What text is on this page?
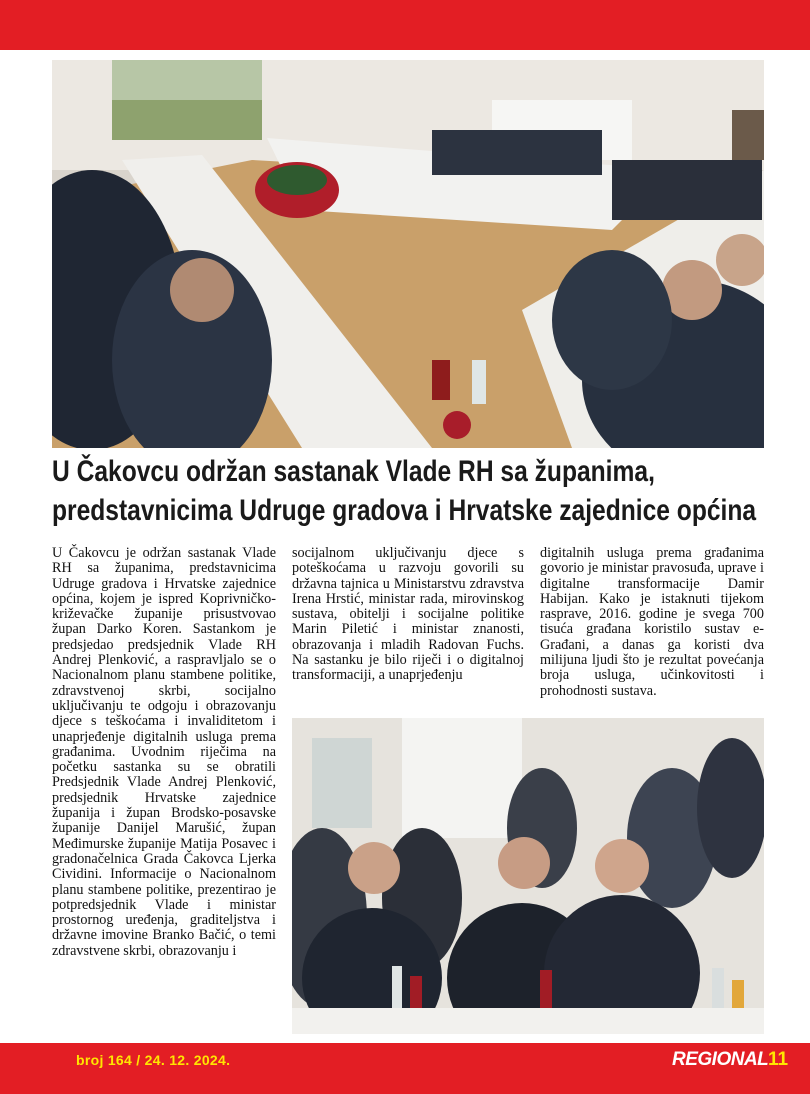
U Čakovcu održan sastanak Vlade RH sa županima,
predstavnicima Udruge gradova i Hrvatske zajednice općina

U Čakovcu je održan sastanak Vlade RH sa županima, predstavnicima Udruge gradova i Hrvatske zajednice općina, kojem je ispred Koprivničko-križevačke županije prisustvovao župan Darko Koren. Sastankom je predsjedao predsjednik Vlade RH Andrej Plenković, a raspravljalo se o Nacionalnom planu stambene politike, zdravstvenoj skrbi, socijalno uključivanju te odgoju i obrazovanju djece s teškoćama i invaliditetom i unaprjeđenje digitalnih usluga prema građanima. Uvodnim riječima na početku sastanka su se obratili Predsjednik Vlade Andrej Plenković, predsjednik Hrvatske zajednice županija i župan Brodsko-posavske županije Danijel Marušić, župan Međimurske županije Matija Posavec i gradonačelnica Grada Čakovca Ljerka Cividini. Informacije o Nacionalnom planu stambene politike, prezentirao je potpredsjednik Vlade i ministar prostornog uređenja, graditeljstva i državne imovine Branko Bačić, o temi zdravstvene skrbi, obrazovanju i

socijalnom uključivanju djece s poteškoćama u razvoju govorili su državna tajnica u Ministarstvu zdravstva Irena Hrstić, ministar rada, mirovinskog sustava, obitelji i socijalne politike Marin Piletić i ministar znanosti, obrazovanja i mladih Radovan Fuchs. Na sastanku je bilo riječi i o digitalnoj transformaciji, a unaprjeđenju

digitalnih usluga prema građanima govorio je ministar pravosuđa, uprave i digitalne transformacije Damir Habijan. Kako je istaknuti tijekom rasprave, 2016. godine je svega 700 tisuća građana koristilo sustav e-Građani, a danas ga koristi dva milijuna ljudi što je rezultat povećanja broja usluga, učinkovitosti i prohodnosti sustava.

broj 164 / 24. 12. 2024.	REGIONAL 11
